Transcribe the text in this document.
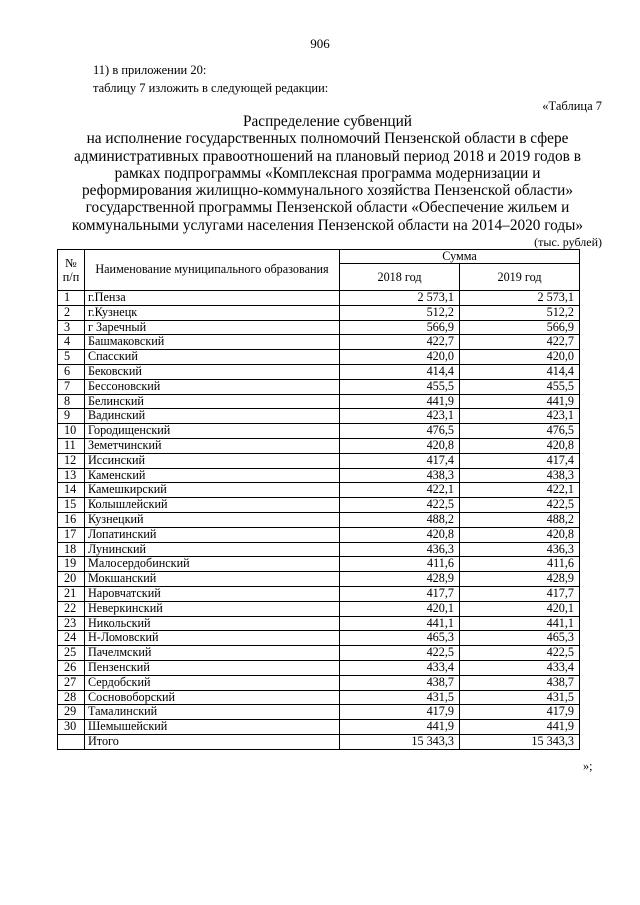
906
11) в приложении 20:
таблицу 7 изложить в следующей редакции:
«Таблица 7
Распределение субвенций
на исполнение государственных полномочий Пензенской области в сфере
административных правоотношений на плановый период 2018 и 2019 годов в
рамках подпрограммы «Комплексная программа модернизации и
реформирования жилищно-коммунального хозяйства Пензенской области»
государственной программы Пензенской области «Обеспечение жильем и
коммунальными услугами населения Пензенской области на 2014–2020 годы»
(тыс. рублей)
№ п/п	Наименование муниципального образования	Сумма	
		2018 год	2019 год
1	г.Пенза	2 573,1	2 573,1
2	г.Кузнецк	512,2	512,2
3	г Заречный	566,9	566,9
4	Башмаковский	422,7	422,7
5	Спасский	420,0	420,0
6	Бековский	414,4	414,4
7	Бессоновский	455,5	455,5
8	Белинский	441,9	441,9
9	Вадинский	423,1	423,1
10	Городищенский	476,5	476,5
11	Земетчинский	420,8	420,8
12	Иссинский	417,4	417,4
13	Каменский	438,3	438,3
14	Камешкирский	422,1	422,1
15	Колышлейский	422,5	422,5
16	Кузнецкий	488,2	488,2
17	Лопатинский	420,8	420,8
18	Лунинский	436,3	436,3
19	Малосердобинский	411,6	411,6
20	Мокшанский	428,9	428,9
21	Наровчатский	417,7	417,7
22	Неверкинский	420,1	420,1
23	Никольский	441,1	441,1
24	Н-Ломовский	465,3	465,3
25	Пачелмский	422,5	422,5
26	Пензенский	433,4	433,4
27	Сердобский	438,7	438,7
28	Сосновоборский	431,5	431,5
29	Тамалинский	417,9	417,9
30	Шемышейский	441,9	441,9
	Итого	15 343,3	15 343,3
»;
